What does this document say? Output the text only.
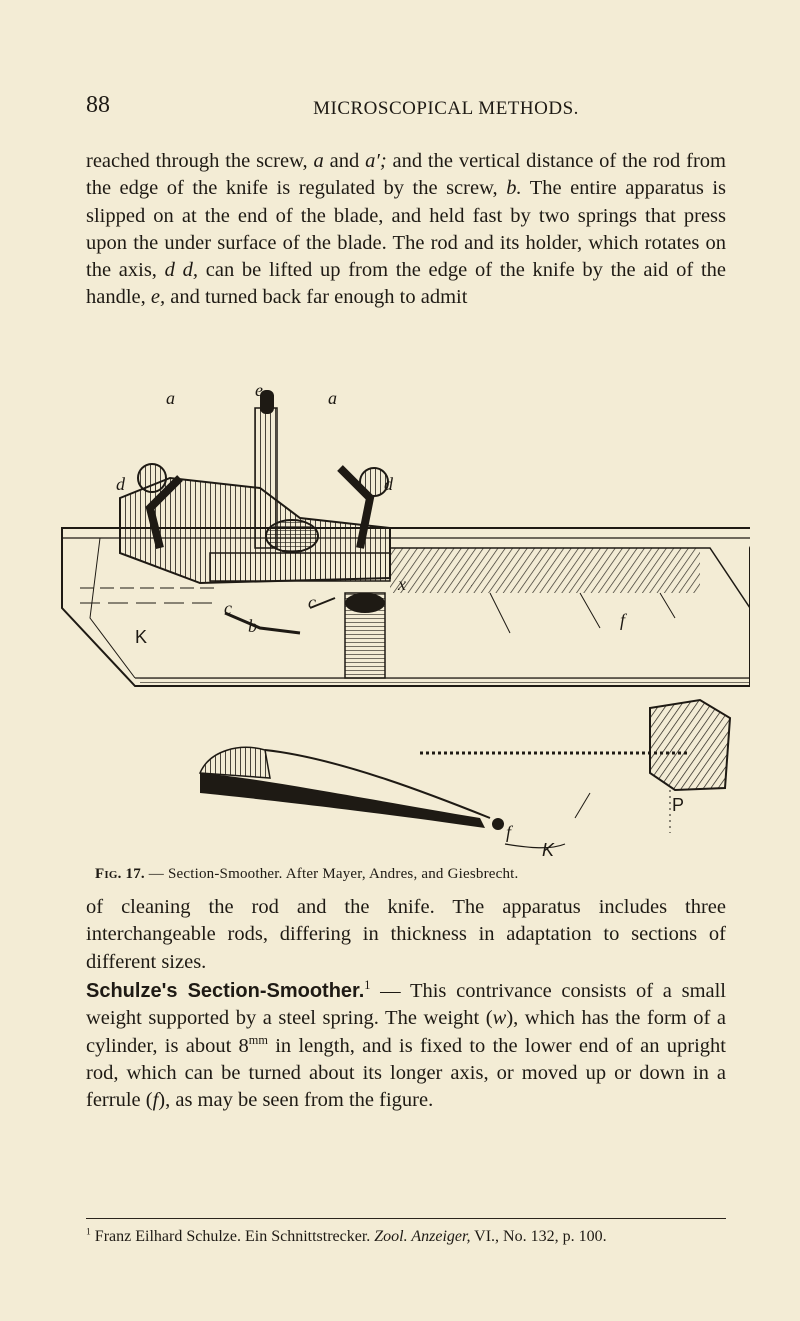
88	MICROSCOPICAL METHODS.

reached through the screw, a and a′; and the vertical distance of the rod from the edge of the knife is regulated by the screw, b. The entire apparatus is slipped on at the end of the blade, and held fast by two springs that press upon the under surface of the blade. The rod and its holder, which rotates on the axis, d d, can be lifted up from the edge of the knife by the aid of the handle, e, and turned back far enough to admit

e
a	a
d	d
c	c
x
f
b
f
K
P
K
Fig. 17. — Section-Smoother. After Mayer, Andres, and Giesbrecht.

of cleaning the rod and the knife. The apparatus includes three interchangeable rods, differing in thickness in adaptation to sections of different sizes.

Schulze's Section-Smoother.$^1$ — This contrivance consists of a small weight supported by a steel spring. The weight (w), which has the form of a cylinder, is about $8^{mm}$ in length, and is fixed to the lower end of an upright rod, which can be turned about its longer axis, or moved up or down in a ferrule (f), as may be seen from the figure.

$^1$ Franz Eilhard Schulze. Ein Schnittstrecker. Zool. Anzeiger, VI., No. 132, p. 100.
